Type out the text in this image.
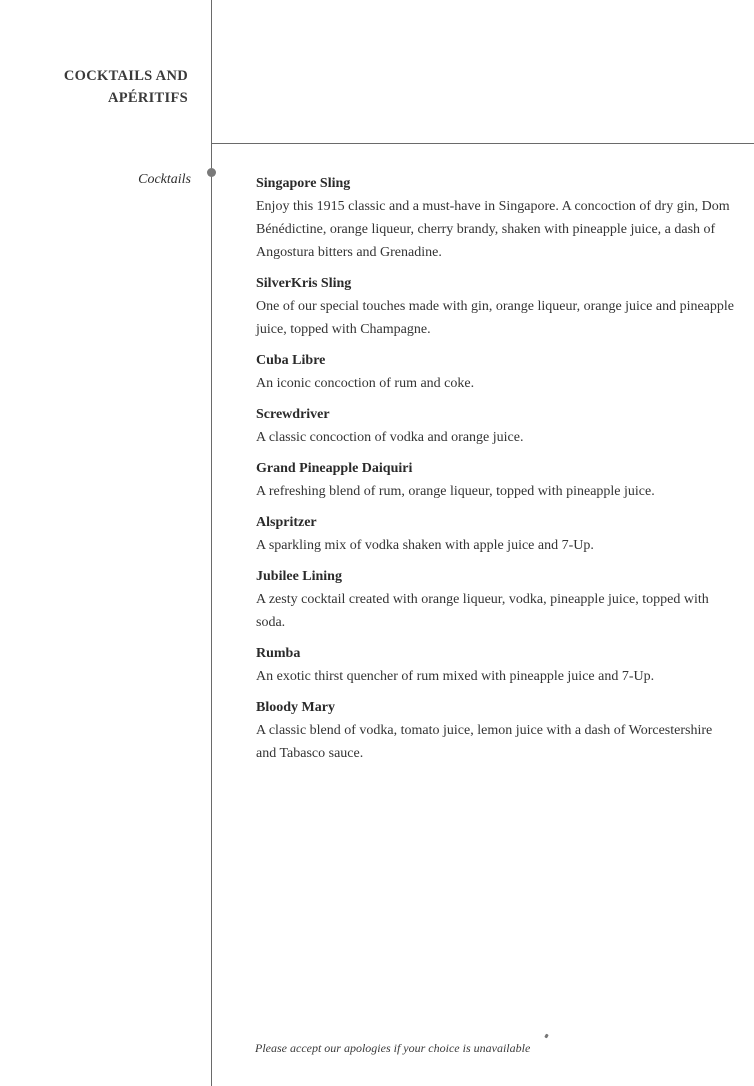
COCKTAILS AND
APÉRITIFS
Cocktails	Singapore Sling
Enjoy this 1915 classic and a must-have in Singapore. A concoction of dry gin, Dom Bénédictine, orange liqueur, cherry brandy, shaken with pineapple juice, a dash of Angostura bitters and Grenadine.
SilverKris Sling
One of our special touches made with gin, orange liqueur, orange juice and pineapple juice, topped with Champagne.
Cuba Libre
An iconic concoction of rum and coke.
Screwdriver
A classic concoction of vodka and orange juice.
Grand Pineapple Daiquiri
A refreshing blend of rum, orange liqueur, topped with pineapple juice.
Alspritzer
A sparkling mix of vodka shaken with apple juice and 7-Up.
Jubilee Lining
A zesty cocktail created with orange liqueur, vodka, pineapple juice, topped with soda.
Rumba
An exotic thirst quencher of rum mixed with pineapple juice and 7-Up.
Bloody Mary
A classic blend of vodka, tomato juice, lemon juice with a dash of Worcestershire and Tabasco sauce.
Please accept our apologies if your choice is unavailable
